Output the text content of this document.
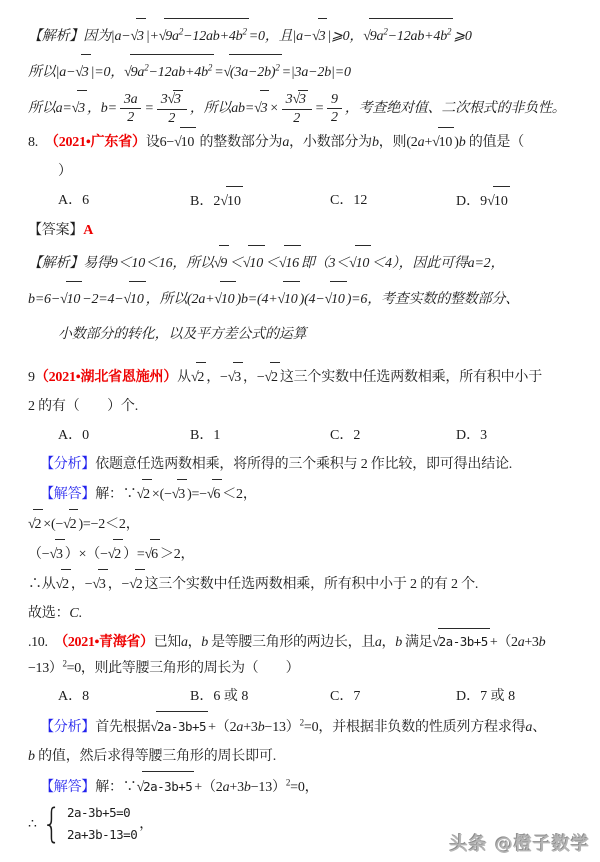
【解析】因为|a−√3 $|+√9a^2-12ab+4b^2 =0$，且|a−√3 |⩾0，$√9a^2-12ab+4b^2$ ⩾0

所以|a−√3 |=0，$√9a^2-12ab+4b^2 =√(3a-2b)^2 =|3a-2b|=0$

所以a=√3 ，$b= \frac{3a}{2} = \frac{3√3}{2}$ ，所以$ab=√3 \times \frac{3√3}{2} = \frac{9}{2}$ ，考查绝对值、二次根式的非负性。

8.　（2021•广东省）设6−√10 的整数部分为a，小数部分为b，则(2a+√10 )b 的值是（

）

A．6	B．2√10	C．12	D．9√10

【答案】A

【解析】易得9＜10＜16，所以√9 ＜√10 ＜√16 即（3＜√10 ＜4），因此可得a=2，

b=6−√10 −2=4−√10 ，所以(2a+√10 )b=(4+√10 )(4−√10 )=6，考查实数的整数部分、

小数部分的转化，以及平方差公式的运算

9（2021•湖北省恩施州）从√2 ，−√3 ，−√2 这三个实数中任选两数相乘，所有积中小于

2 的有（　　）个.

A．0	B．1	C．2	D．3

【分析】依题意任选两数相乘，将所得的三个乘积与 2 作比较，即可得出结论.

【解答】解：∵√2 ×(−√3 )=−√6 ＜2，

√2 ×(−√2 )=−2＜2，

（−√3 ）×（−√2 ）=√6 ＞2，

∴从√2 ，−√3 ，−√2 这三个实数中任选两数相乘，所有积中小于 2 的有 2 个.

故选：C.

.10.　（2021•青海省）已知a，b 是等腰三角形的两边长，且a，b 满足√2a-3b+5 +（2a+3b

−13）$^2$=0，则此等腰三角形的周长为（　　）

A．8	B．6 或 8	C．7	D．7 或 8

【分析】首先根据$√2a-3b+5 +(2a+3b-13)^2=0$，并根据非负数的性质列方程求得a、

b 的值，然后求得等腰三角形的周长即可.

【解答】解：∵√2a-3b+5 $+(2a+3b-13)^2=0$，

∴ { 2a-3b+5=0
2a+3b-13=0
，

头条 @橙子数学
